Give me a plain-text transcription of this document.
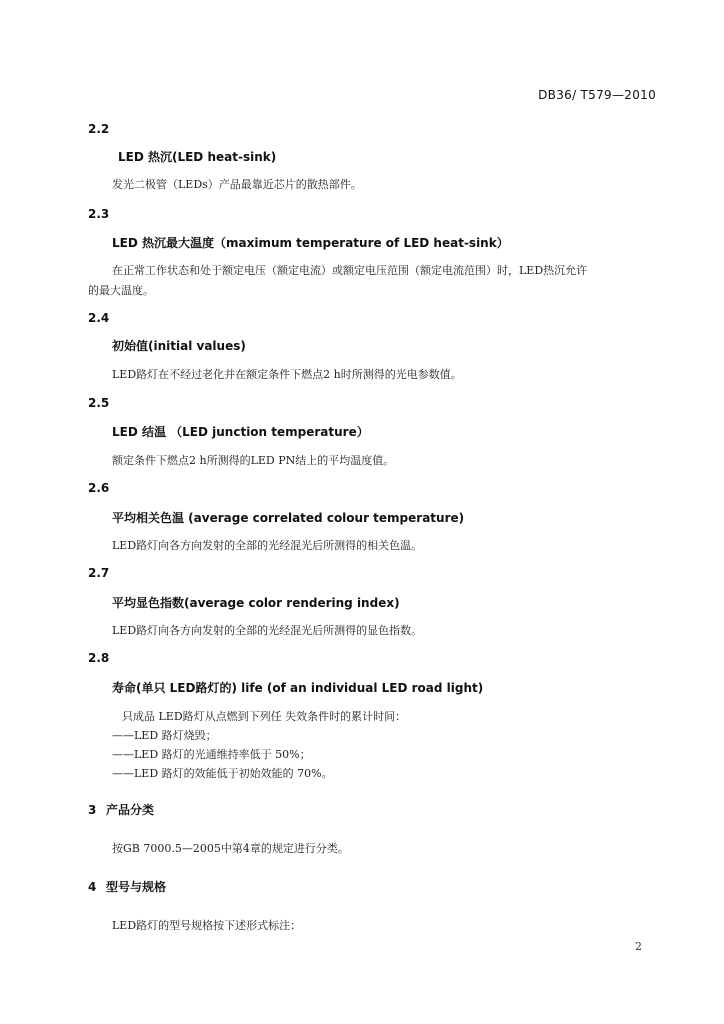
DB36/ T579—2010
2.2
LED 热沉(LED heat-sink)
发光二极管（LEDs）产品最靠近芯片的散热部件。
2.3
LED 热沉最大温度（maximum temperature of LED heat-sink）
在正常工作状态和处于额定电压（额定电流）或额定电压范围（额定电流范围）时，LED热沉允许
的最大温度。
2.4
初始值(initial values)
LED路灯在不经过老化并在额定条件下燃点2 h时所测得的光电参数值。
2.5
LED 结温 （LED junction temperature）
额定条件下燃点2 h所测得的LED PN结上的平均温度值。
2.6
平均相关色温 (average correlated colour temperature)
LED路灯向各方向发射的全部的光经混光后所测得的相关色温。
2.7
平均显色指数(average color rendering index)
LED路灯向各方向发射的全部的光经混光后所测得的显色指数。
2.8
寿命(单只 LED路灯的) life (of an individual LED road light)
只成品 LED路灯从点燃到下列任 失效条件时的累计时间：
——LED 路灯烧毁；
——LED 路灯的光通维持率低于 50%；
——LED 路灯的效能低于初始效能的 70%。
3 产品分类
按GB 7000.5—2005中第4章的规定进行分类。
4 型号与规格
LED路灯的型号规格按下述形式标注：
2
